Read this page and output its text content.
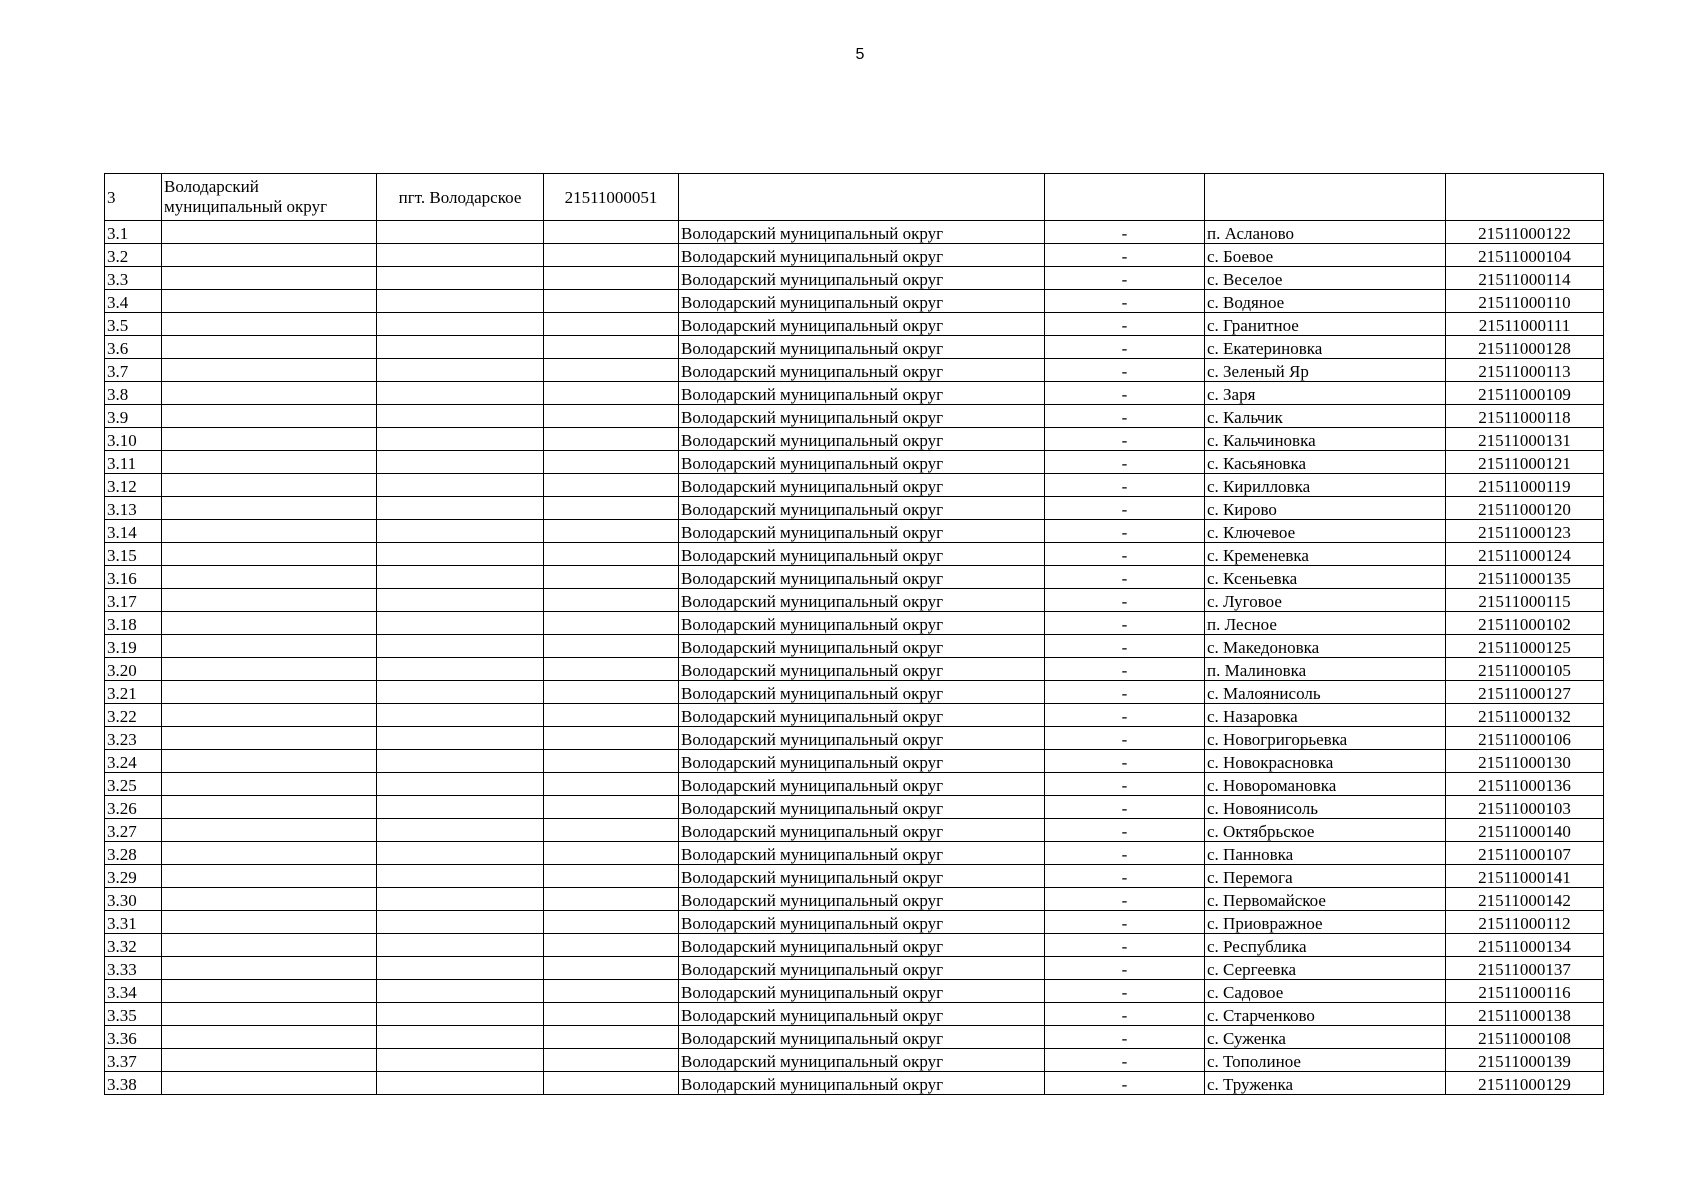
5
3	Володарский муниципальный округ	пгт. Володарское	21511000051				
3.1				Володарский муниципальный округ	-	п. Асланово	21511000122
3.2				Володарский муниципальный округ	-	с. Боевое	21511000104
3.3				Володарский муниципальный округ	-	с. Веселое	21511000114
3.4				Володарский муниципальный округ	-	с. Водяное	21511000110
3.5				Володарский муниципальный округ	-	с. Гранитное	21511000111
3.6				Володарский муниципальный округ	-	с. Екатериновка	21511000128
3.7				Володарский муниципальный округ	-	с. Зеленый Яр	21511000113
3.8				Володарский муниципальный округ	-	с. Заря	21511000109
3.9				Володарский муниципальный округ	-	с. Кальчик	21511000118
3.10				Володарский муниципальный округ	-	с. Кальчиновка	21511000131
3.11				Володарский муниципальный округ	-	с. Касьяновка	21511000121
3.12				Володарский муниципальный округ	-	с. Кирилловка	21511000119
3.13				Володарский муниципальный округ	-	с. Кирово	21511000120
3.14				Володарский муниципальный округ	-	с. Ключевое	21511000123
3.15				Володарский муниципальный округ	-	с. Кременевка	21511000124
3.16				Володарский муниципальный округ	-	с. Ксеньевка	21511000135
3.17				Володарский муниципальный округ	-	с. Луговое	21511000115
3.18				Володарский муниципальный округ	-	п. Лесное	21511000102
3.19				Володарский муниципальный округ	-	с. Македоновка	21511000125
3.20				Володарский муниципальный округ	-	п. Малиновка	21511000105
3.21				Володарский муниципальный округ	-	с. Малоянисоль	21511000127
3.22				Володарский муниципальный округ	-	с. Назаровка	21511000132
3.23				Володарский муниципальный округ	-	с. Новогригорьевка	21511000106
3.24				Володарский муниципальный округ	-	с. Новокрасновка	21511000130
3.25				Володарский муниципальный округ	-	с. Новоромановка	21511000136
3.26				Володарский муниципальный округ	-	с. Новоянисоль	21511000103
3.27				Володарский муниципальный округ	-	с. Октябрьское	21511000140
3.28				Володарский муниципальный округ	-	с. Панновка	21511000107
3.29				Володарский муниципальный округ	-	с. Перемога	21511000141
3.30				Володарский муниципальный округ	-	с. Первомайское	21511000142
3.31				Володарский муниципальный округ	-	с. Приовражное	21511000112
3.32				Володарский муниципальный округ	-	с. Республика	21511000134
3.33				Володарский муниципальный округ	-	с. Сергеевка	21511000137
3.34				Володарский муниципальный округ	-	с. Садовое	21511000116
3.35				Володарский муниципальный округ	-	с. Старченково	21511000138
3.36				Володарский муниципальный округ	-	с. Суженка	21511000108
3.37				Володарский муниципальный округ	-	с. Тополиное	21511000139
3.38				Володарский муниципальный округ	-	с. Труженка	21511000129
